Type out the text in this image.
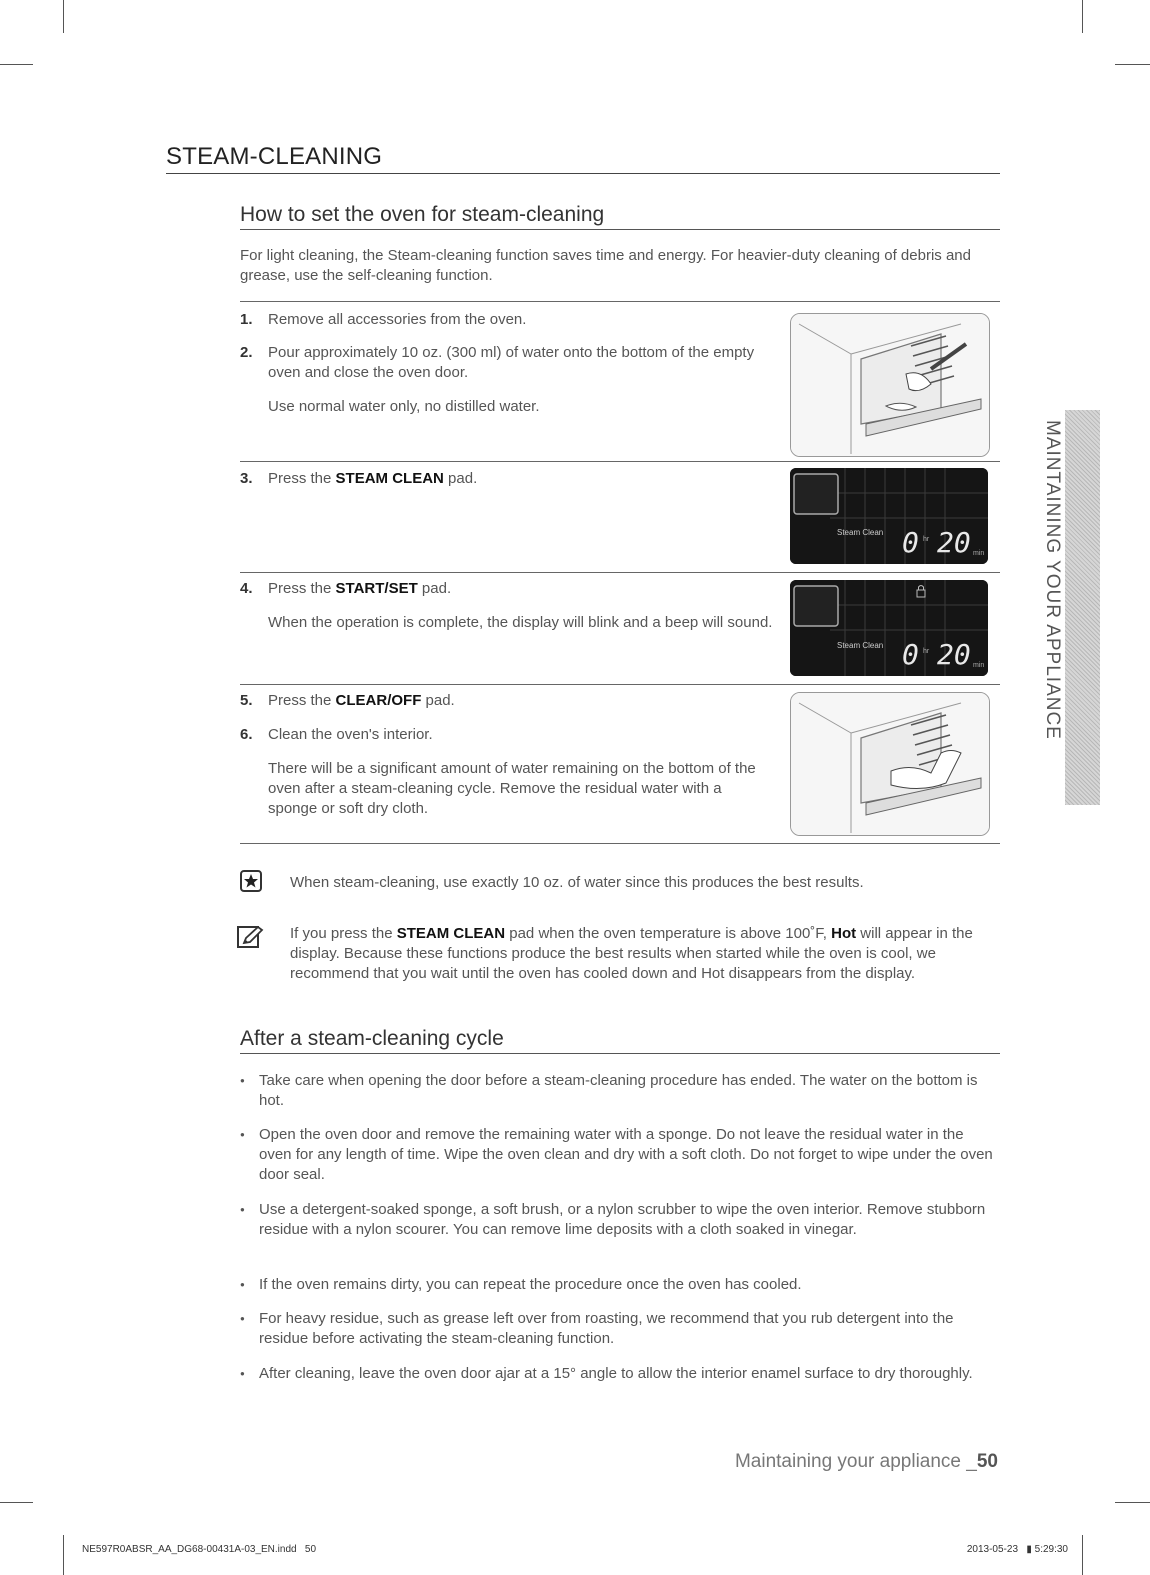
STEAM-CLEANING
How to set the oven for steam-cleaning

For light cleaning, the Steam-cleaning function saves time and energy. For heavier-duty cleaning of debris and grease, use the self-cleaning function.

1. Remove all accessories from the oven.

2. Pour approximately 10 oz. (300 ml) of water onto the bottom of the empty oven and close the oven door.

Use normal water only, no distilled water.

3. Press the STEAM CLEAN pad.

Steam Clean 0 hr 20 min
4. Press the START/SET pad.

When the operation is complete, the display will blink and a beep will sound.

Steam Clean 0 hr 20 min
5. Press the CLEAR/OFF pad.

6. Clean the oven's interior.

There will be a significant amount of water remaining on the bottom of the oven after a steam-cleaning cycle. Remove the residual water with a sponge or soft dry cloth.

When steam-cleaning, use exactly 10 oz. of water since this produces the best results.

If you press the STEAM CLEAN pad when the oven temperature is above 100˚F, Hot will appear in the display. Because these functions produce the best results when started while the oven is cool, we recommend that you wait until the oven has cooled down and Hot disappears from the display.

After a steam-cleaning cycle
● Take care when opening the door before a steam-cleaning procedure has ended. The water on the bottom is hot.

● Open the oven door and remove the remaining water with a sponge. Do not leave the residual water in the oven for any length of time. Wipe the oven clean and dry with a soft cloth. Do not forget to wipe under the oven door seal.

● Use a detergent-soaked sponge, a soft brush, or a nylon scrubber to wipe the oven interior. Remove stubborn residue with a nylon scourer. You can remove lime deposits with a cloth soaked in vinegar.

● If the oven remains dirty, you can repeat the procedure once the oven has cooled.

● For heavy residue, such as grease left over from roasting, we recommend that you rub detergent into the residue before activating the steam-cleaning function.

● After cleaning, leave the oven door ajar at a 15° angle to allow the interior enamel surface to dry thoroughly.

MAINTAINING YOUR APPLIANCE
Maintaining your appliance _50
NE597R0ABSR_AA_DG68-00431A-03_EN.indd   50	2013-05-23   ▮ 5:29:30
